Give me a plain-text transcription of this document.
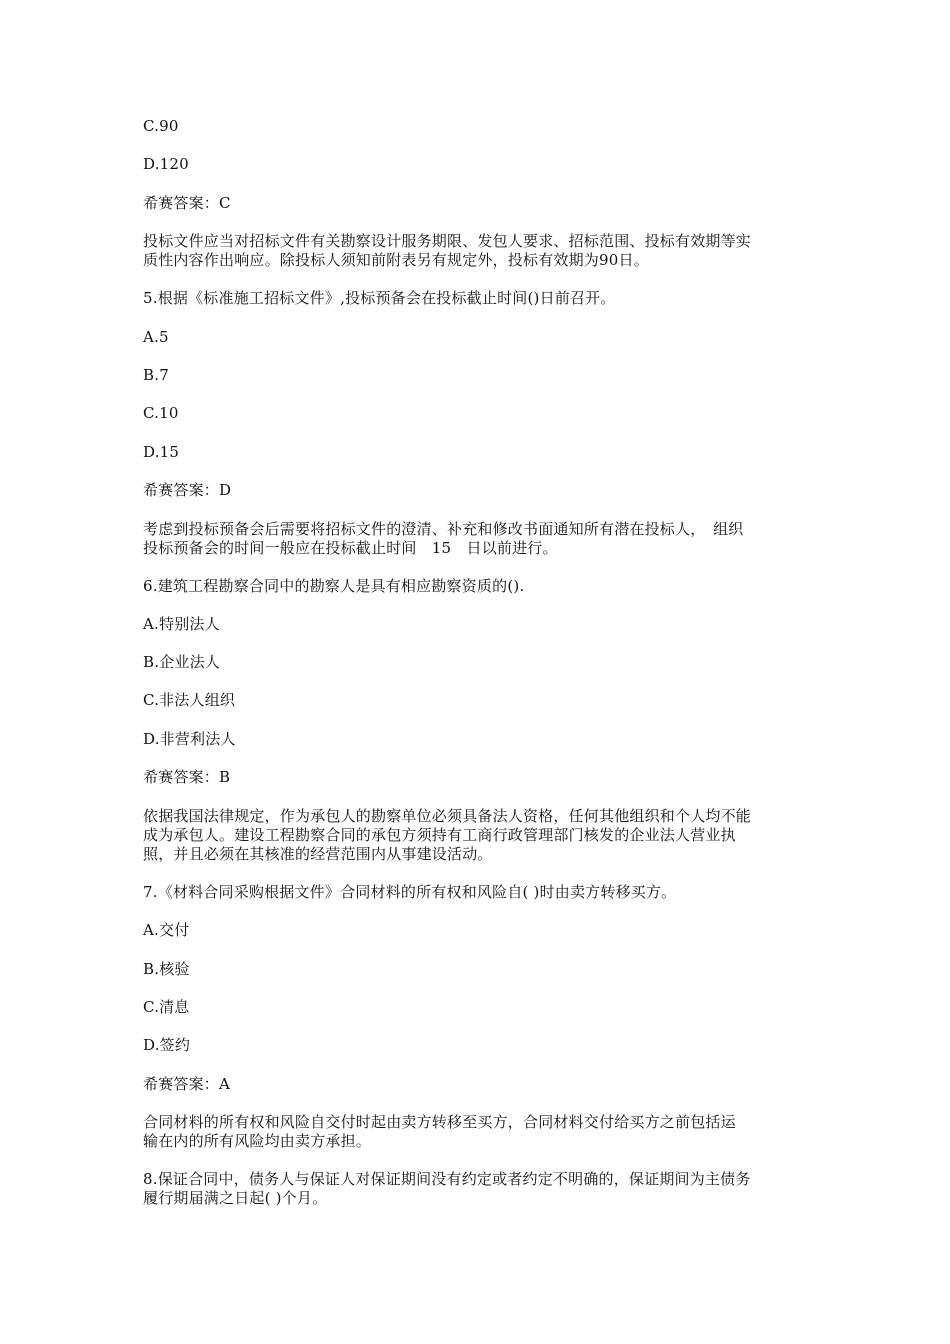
C.90
D.120
希赛答案：C
投标文件应当对招标文件有关勘察设计服务期限、发包人要求、招标范围、投标有效期等实
质性内容作出响应。除投标人须知前附表另有规定外，投标有效期为90日。
5.根据《标准施工招标文件》,投标预备会在投标截止时间()日前召开。
A.5
B.7
C.10
D.15
希赛答案：D
考虑到投标预备会后需要将招标文件的澄清、补充和修改书面通知所有潜在投标人，　组织
投标预备会的时间一般应在投标截止时间　15　日以前进行。
6.建筑工程勘察合同中的勘察人是具有相应勘察资质的().
A.特别法人
B.企业法人
C.非法人组织
D.非营利法人
希赛答案：B
依据我国法律规定，作为承包人的勘察单位必须具备法人资格，任何其他组织和个人均不能
成为承包人。建设工程勘察合同的承包方须持有工商行政管理部门核发的企业法人营业执
照，并且必须在其核准的经营范围内从事建设活动。
7.《材料合同采购根据文件》合同材料的所有权和风险自( )时由卖方转移买方。
A.交付
B.核验
C.清息
D.签约
希赛答案：A
合同材料的所有权和风险自交付时起由卖方转移至买方，合同材料交付给买方之前包括运
输在内的所有风险均由卖方承担。
8.保证合同中，债务人与保证人对保证期间没有约定或者约定不明确的，保证期间为主债务
履行期届满之日起( )个月。
